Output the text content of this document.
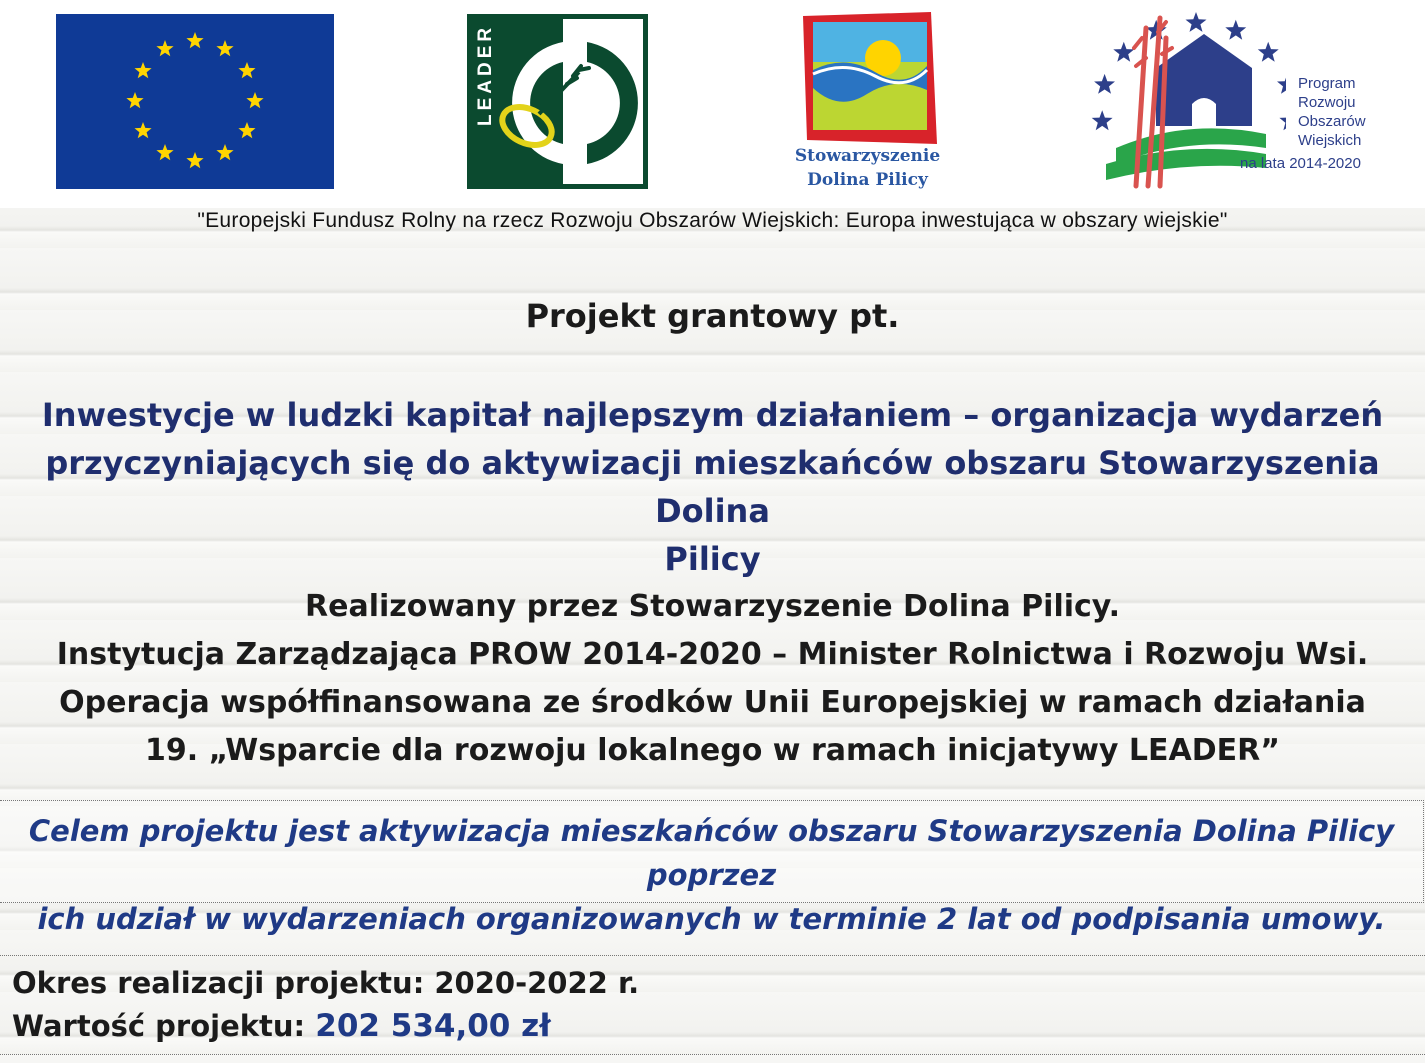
LEADER
Stowarzyszenie
Dolina Pilicy
Program
Rozwoju
Obszarów
Wiejskich
na lata 2014-2020
"Europejski Fundusz Rolny na rzecz Rozwoju Obszarów Wiejskich: Europa inwestująca w obszary wiejskie"
Projekt grantowy pt.
Inwestycje w ludzki kapitał najlepszym działaniem – organizacja wydarzeń
przyczyniających się do aktywizacji mieszkańców obszaru Stowarzyszenia Dolina
Pilicy
Realizowany przez Stowarzyszenie Dolina Pilicy.
Instytucja Zarządzająca PROW 2014-2020 – Minister Rolnictwa i Rozwoju Wsi.
Operacja współfinansowana ze środków Unii Europejskiej w ramach działania
19. „Wsparcie dla rozwoju lokalnego w ramach inicjatywy LEADER”
Celem projektu jest aktywizacja mieszkańców obszaru Stowarzyszenia Dolina Pilicy poprzez
ich udział w wydarzeniach organizowanych w terminie 2 lat od podpisania umowy.
Okres realizacji projektu: 2020-2022 r.
Wartość projektu: 202 534,00 zł
